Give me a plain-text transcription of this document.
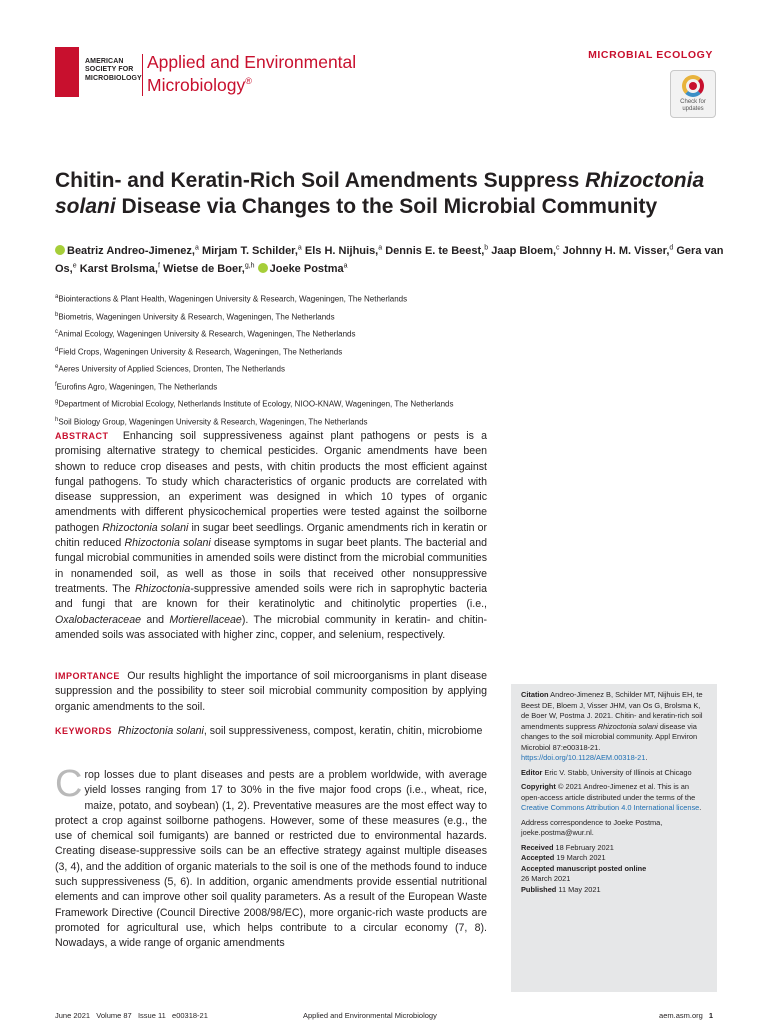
AMERICAN
SOCIETY FOR
MICROBIOLOGY
Applied and Environmental
Microbiology®
MICROBIAL ECOLOGY
Check for
updates
Chitin- and Keratin-Rich Soil Amendments Suppress Rhizoctonia solani Disease via Changes to the Soil Microbial Community
Beatriz Andreo-Jimenez,$^a$ Mirjam T. Schilder,$^a$ Els H. Nijhuis,$^a$ Dennis E. te Beest,$^b$ Jaap Bloem,$^c$ Johnny H. M. Visser,$^d$ Gera van Os,$^e$ Karst Brolsma,$^f$ Wietse de Boer,$^{g,h}$ Joeke Postma$^a$
$^a$Biointeractions & Plant Health, Wageningen University & Research, Wageningen, The Netherlands
$^b$Biometris, Wageningen University & Research, Wageningen, The Netherlands
$^c$Animal Ecology, Wageningen University & Research, Wageningen, The Netherlands
$^d$Field Crops, Wageningen University & Research, Wageningen, The Netherlands
$^e$Aeres University of Applied Sciences, Dronten, The Netherlands
$^f$Eurofins Agro, Wageningen, The Netherlands
$^g$Department of Microbial Ecology, Netherlands Institute of Ecology, NIOO-KNAW, Wageningen, The Netherlands
$^h$Soil Biology Group, Wageningen University & Research, Wageningen, The Netherlands
ABSTRACT Enhancing soil suppressiveness against plant pathogens or pests is a promising alternative strategy to chemical pesticides. Organic amendments have been shown to reduce crop diseases and pests, with chitin products the most efficient against fungal pathogens. To study which characteristics of organic products are correlated with disease suppression, an experiment was designed in which 10 types of organic amendments with different physicochemical properties were tested against the soilborne pathogen Rhizoctonia solani in sugar beet seedlings. Organic amendments rich in keratin or chitin reduced Rhizoctonia solani disease symptoms in sugar beet plants. The bacterial and fungal microbial communities in amended soils were distinct from the microbial communities in nonamended soil, as well as those in soils that received other nonsuppressive treatments. The Rhizoctonia-suppressive amended soils were rich in saprophytic bacteria and fungi that are known for their keratinolytic and chitinolytic properties (i.e., Oxalobacteraceae and Mortierellaceae). The microbial community in keratin- and chitin-amended soils was associated with higher zinc, copper, and selenium, respectively.
IMPORTANCE Our results highlight the importance of soil microorganisms in plant disease suppression and the possibility to steer soil microbial community composition by applying organic amendments to the soil.
KEYWORDS Rhizoctonia solani, soil suppressiveness, compost, keratin, chitin, microbiome
Crop losses due to plant diseases and pests are a problem worldwide, with average yield losses ranging from 17 to 30% in the five major food crops (i.e., wheat, rice, maize, potato, and soybean) (1, 2). Preventative measures are the most effect way to protect a crop against soilborne pathogens. However, some of these measures (e.g., the use of chemical soil fumigants) are banned or restricted due to environmental hazards. Creating disease-suppressive soils can be an effective strategy against multiple diseases (3, 4), and the addition of organic materials to the soil is one of the methods found to induce such suppressiveness (5, 6). In addition, organic amendments provide essential nutritional elements and can improve other soil quality parameters. As a result of the European Waste Framework Directive (Council Directive 2008/98/EC), more organic-rich waste products are promoted for agricultural use, which helps contribute to a circular economy (7, 8). Nowadays, a wide range of organic amendments
Citation Andreo-Jimenez B, Schilder MT, Nijhuis EH, te Beest DE, Bloem J, Visser JHM, van Os G, Brolsma K, de Boer W, Postma J. 2021. Chitin- and keratin-rich soil amendments suppress Rhizoctonia solani disease via changes to the soil microbial community. Appl Environ Microbiol 87:e00318-21. https://doi.org/10.1128/AEM.00318-21.
Editor Eric V. Stabb, University of Illinois at Chicago
Copyright © 2021 Andreo-Jimenez et al. This is an open-access article distributed under the terms of the Creative Commons Attribution 4.0 International license.
Address correspondence to Joeke Postma, joeke.postma@wur.nl.
Received 18 February 2021
Accepted 19 March 2021
Accepted manuscript posted online
26 March 2021
Published 11 May 2021
June 2021   Volume 87   Issue 11   e00318-21	Applied and Environmental Microbiology	aem.asm.org 1
